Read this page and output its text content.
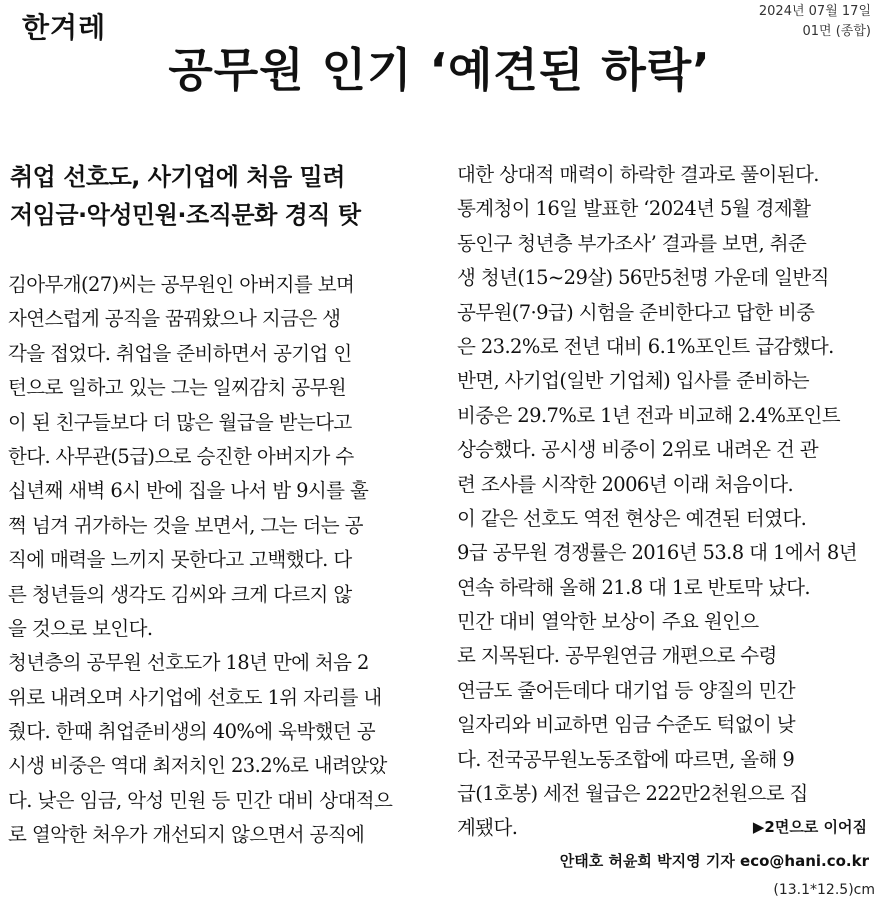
한겨레	2024년 07월 17일
01면 (종합)
공무원 인기 ‘예견된 하락’
취업 선호도, 사기업에 처음 밀려
저임금·악성민원·조직문화 경직 탓
김아무개(27)씨는 공무원인 아버지를 보며
자연스럽게 공직을 꿈꿔왔으나 지금은 생
각을 접었다. 취업을 준비하면서 공기업 인
턴으로 일하고 있는 그는 일찌감치 공무원
이 된 친구들보다 더 많은 월급을 받는다고
한다. 사무관(5급)으로 승진한 아버지가 수
십년째 새벽 6시 반에 집을 나서 밤 9시를 훌
쩍 넘겨 귀가하는 것을 보면서, 그는 더는 공
직에 매력을 느끼지 못한다고 고백했다. 다
른 청년들의 생각도 김씨와 크게 다르지 않
을 것으로 보인다.
청년층의 공무원 선호도가 18년 만에 처음 2
위로 내려오며 사기업에 선호도 1위 자리를 내
줬다. 한때 취업준비생의 40%에 육박했던 공
시생 비중은 역대 최저치인 23.2%로 내려앉았
다. 낮은 임금, 악성 민원 등 민간 대비 상대적으
로 열악한 처우가 개선되지 않으면서 공직에
대한 상대적 매력이 하락한 결과로 풀이된다.
통계청이 16일 발표한 ‘2024년 5월 경제활
동인구 청년층 부가조사’ 결과를 보면, 취준
생 청년(15~29살) 56만5천명 가운데 일반직
공무원(7·9급) 시험을 준비한다고 답한 비중
은 23.2%로 전년 대비 6.1%포인트 급감했다.
반면, 사기업(일반 기업체) 입사를 준비하는
비중은 29.7%로 1년 전과 비교해 2.4%포인트
상승했다. 공시생 비중이 2위로 내려온 건 관
련 조사를 시작한 2006년 이래 처음이다.
이 같은 선호도 역전 현상은 예견된 터였다.
9급 공무원 경쟁률은 2016년 53.8 대 1에서 8년
연속 하락해 올해 21.8 대 1로 반토막 났다.
민간 대비 열악한 보상이 주요 원인으
로 지목된다. 공무원연금 개편으로 수령
연금도 줄어든데다 대기업 등 양질의 민간
일자리와 비교하면 임금 수준도 턱없이 낮
다. 전국공무원노동조합에 따르면, 올해 9
급(1호봉) 세전 월급은 222만2천원으로 집
계됐다.	▶2면으로 이어짐
안태호 허윤희 박지영 기자 eco@hani.co.kr
(13.1*12.5)cm
